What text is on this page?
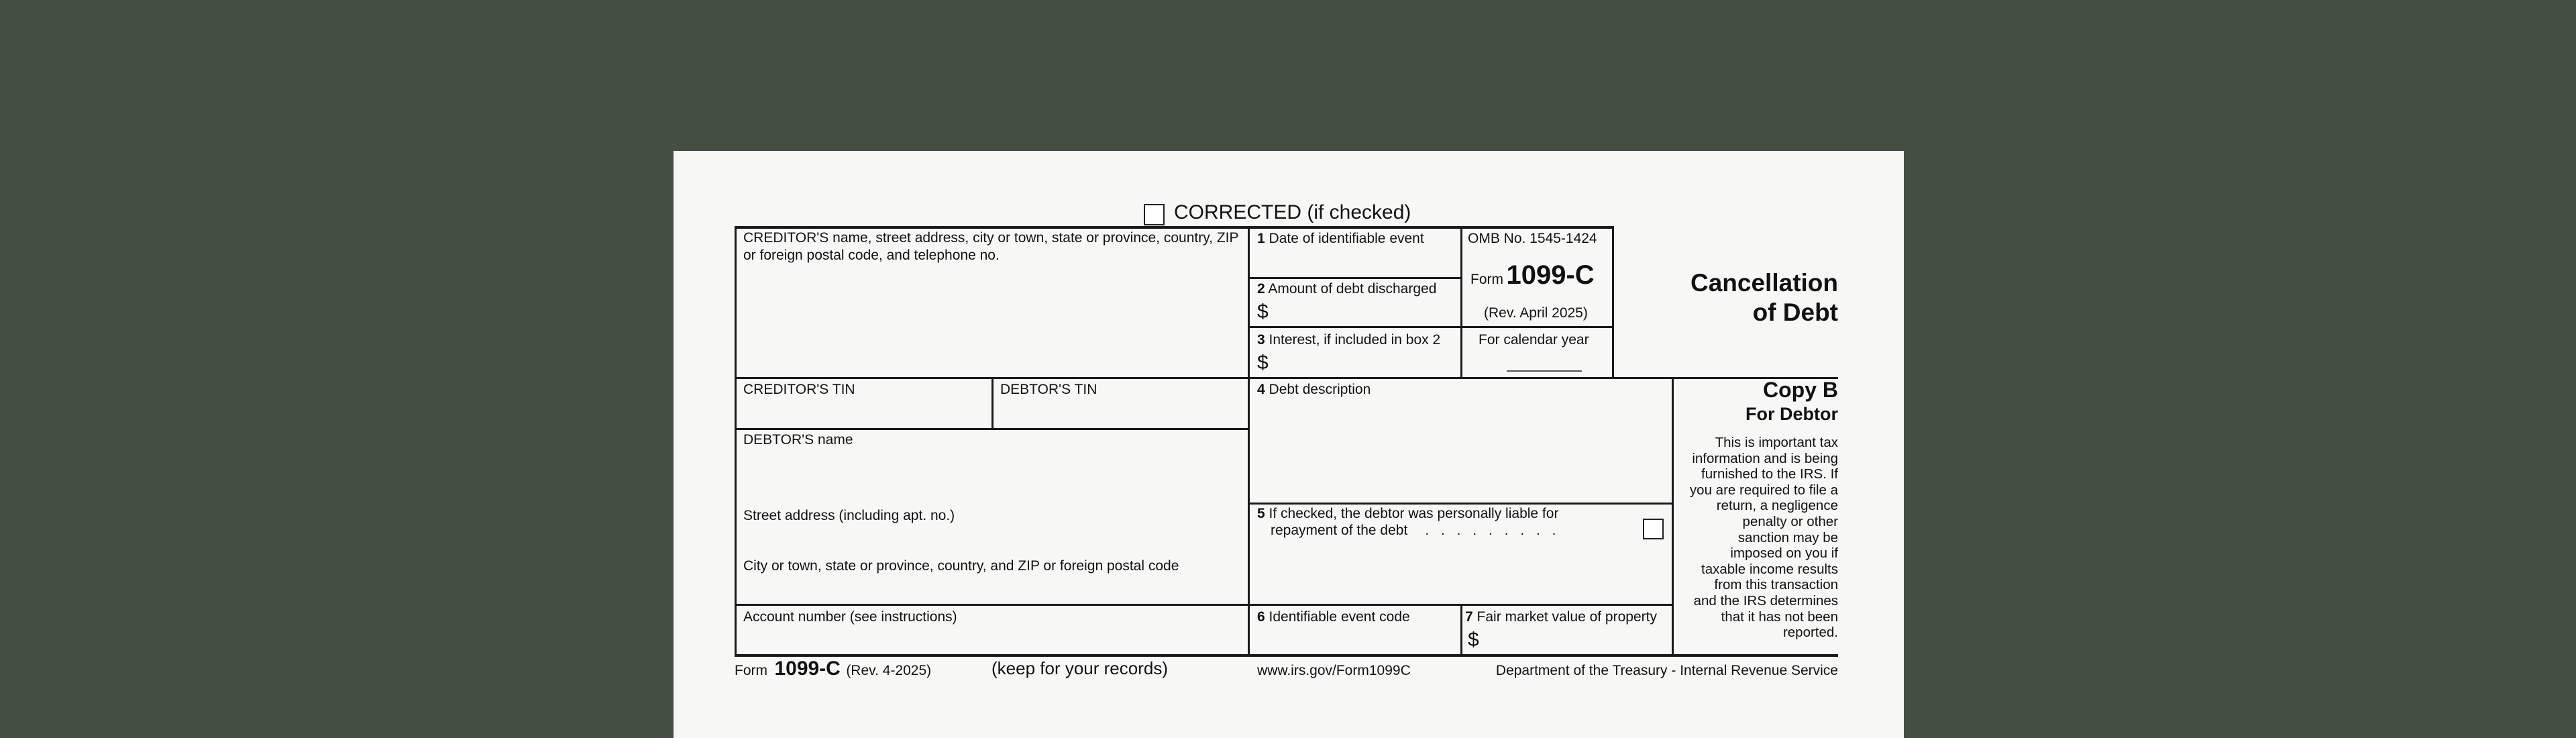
CORRECTED (if checked)
CREDITOR'S name, street address, city or town, state or province, country, ZIP or foreign postal code, and telephone no.
1 Date of identifiable event
2 Amount of debt discharged
$
3 Interest, if included in box 2
$
OMB No. 1545-1424
Form 1099-C
(Rev. April 2025)
For calendar year
Cancellation
of Debt
CREDITOR'S TIN	DEBTOR'S TIN
DEBTOR'S name
Street address (including apt. no.)
City or town, state or province, country, and ZIP or foreign postal code
Account number (see instructions)
4 Debt description
5 If checked, the debtor was personally liable for
repayment of the debt . . . . . . . . .
6 Identifiable event code	7 Fair market value of property
$
Copy B
For Debtor
This is important tax
information and is being
furnished to the IRS. If
you are required to file a
return, a negligence
penalty or other
sanction may be
imposed on you if
taxable income results
from this transaction
and the IRS determines
that it has not been
reported.
Form 1099-C (Rev. 4-2025)	(keep for your records)	www.irs.gov/Form1099C	Department of the Treasury - Internal Revenue Service
